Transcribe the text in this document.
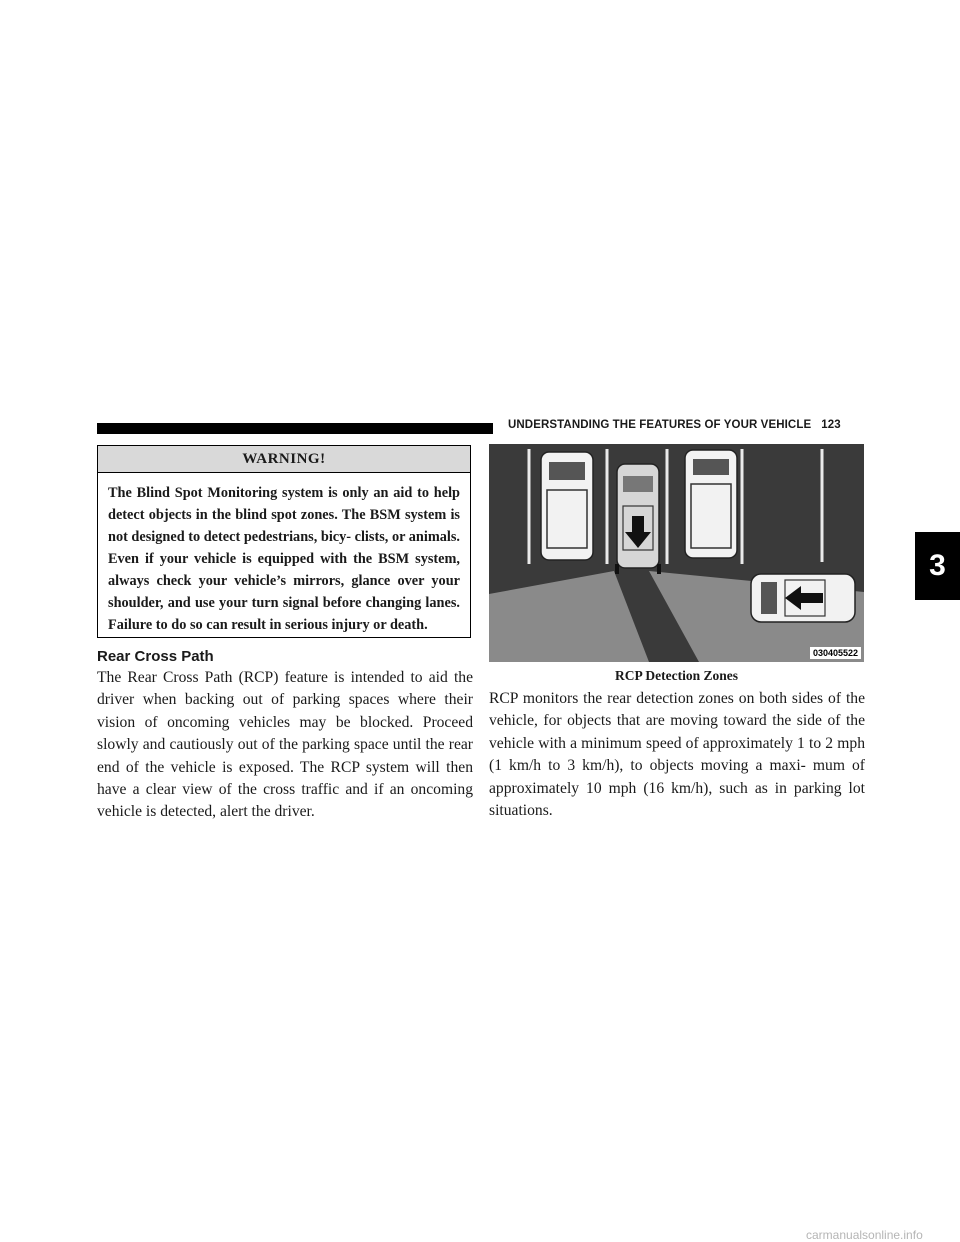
UNDERSTANDING THE FEATURES OF YOUR VEHICLE 123
3
WARNING!
The Blind Spot Monitoring system is only an aid to help detect objects in the blind spot zones. The BSM system is not designed to detect pedestrians, bicy- clists, or animals. Even if your vehicle is equipped with the BSM system, always check your vehicle’s mirrors, glance over your shoulder, and use your turn signal before changing lanes. Failure to do so can result in serious injury or death.
Rear Cross Path
The Rear Cross Path (RCP) feature is intended to aid the driver when backing out of parking spaces where their vision of oncoming vehicles may be blocked. Proceed slowly and cautiously out of the parking space until the rear end of the vehicle is exposed. The RCP system will then have a clear view of the cross traffic and if an oncoming vehicle is detected, alert the driver.
030405522
RCP Detection Zones
RCP monitors the rear detection zones on both sides of the vehicle, for objects that are moving toward the side of the vehicle with a minimum speed of approximately 1 to 2 mph (1 km/h to 3 km/h), to objects moving a maxi- mum of approximately 10 mph (16 km/h), such as in parking lot situations.
carmanualsonline.info
